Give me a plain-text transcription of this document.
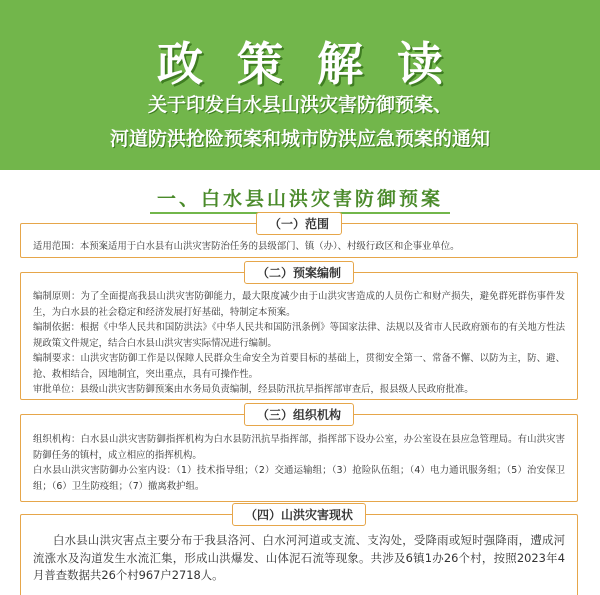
政策解读
关于印发白水县山洪灾害防御预案、
河道防洪抢险预案和城市防洪应急预案的通知
一、白水县山洪灾害防御预案
（一）范围
适用范围：本预案适用于白水县有山洪灾害防治任务的县级部门、镇（办）、村级行政区和企事业单位。
（二）预案编制

编制原则：为了全面提高我县山洪灾害防御能力，最大限度减少由于山洪灾害造成的人员伤亡和财产损失，避免群死群伤事件发生，为白水县的社会稳定和经济发展打好基础，特制定本预案。

编制依据：根据《中华人民共和国防洪法》《中华人民共和国防汛条例》等国家法律、法规以及省市人民政府颁布的有关地方性法规政策文件规定，结合白水县山洪灾害实际情况进行编制。

编制要求：山洪灾害防御工作是以保障人民群众生命安全为首要目标的基础上，贯彻安全第一、常备不懈、以防为主，防、避、抢、救相结合，因地制宜，突出重点，具有可操作性。

审批单位：县级山洪灾害防御预案由水务局负责编制，经县防汛抗旱指挥部审查后，报县级人民政府批准。

（三）组织机构

组织机构：白水县山洪灾害防御指挥机构为白水县防汛抗旱指挥部，指挥部下设办公室，办公室设在县应急管理局。有山洪灾害防御任务的镇村，成立相应的指挥机构。

白水县山洪灾害防御办公室内设：（1）技术指导组；（2）交通运输组；（3）抢险队伍组；（4）电力通讯服务组；（5）治安保卫组；（6）卫生防疫组；（7）撤离救护组。

（四）山洪灾害现状
白水县山洪灾害点主要分布于我县洛河、白水河河道或支流、支沟处，受降雨或短时强降雨，遭成河流涨水及沟道发生水流汇集，形成山洪爆发、山体泥石流等现象。共涉及6镇1办26个村，按照2023年4月普查数据共26个村967户2718人。
